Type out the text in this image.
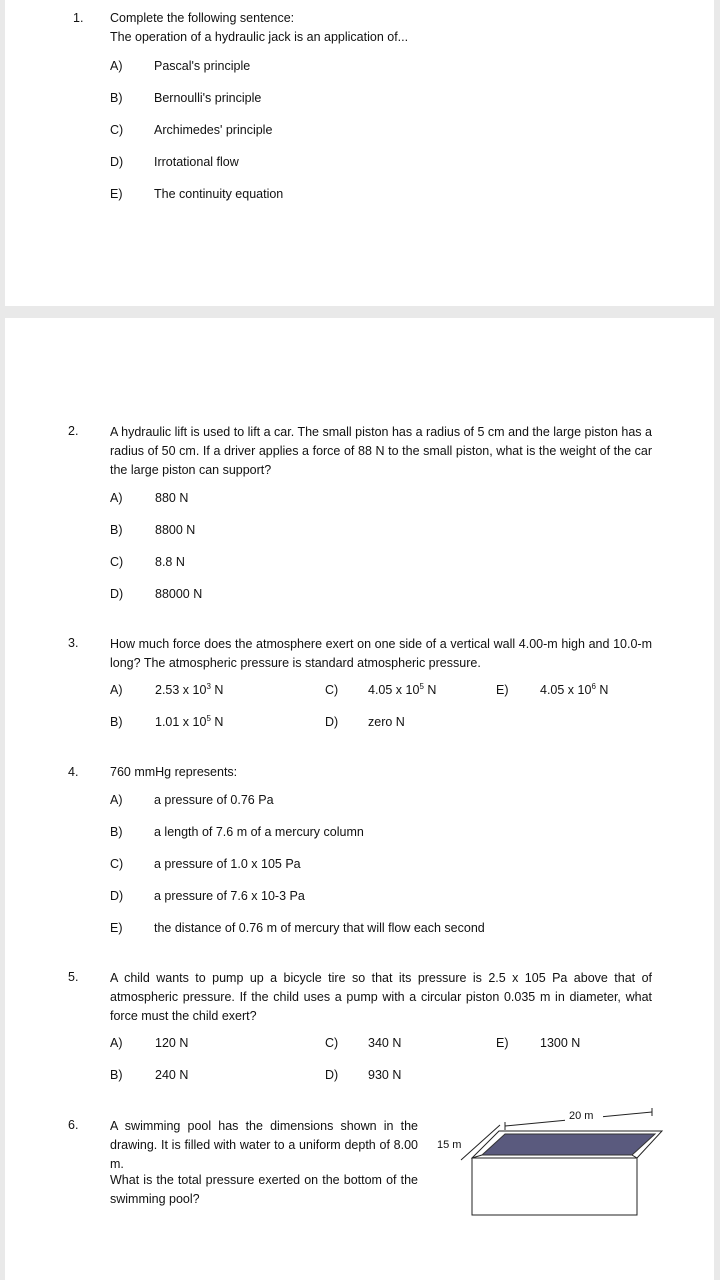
1. Complete the following sentence:
The operation of a hydraulic jack is an application of...
A)	Pascal's principle
B)	Bernoulli's principle
C) Archimedes' principle
D) Irrotational flow
E)	The continuity equation
2.	A hydraulic lift is used to lift a car. The small piston has a radius of 5 cm and the large piston has a radius of 50 cm. If a driver applies a force of 88 N to the small piston, what is the weight of the car the large piston can support?
A)	880 N
B)	8800 N
C)	8.8 N
D)	88000 N
3.	How much force does the atmosphere exert on one side of a vertical wall 4.00-m high and 10.0-m long? The atmospheric pressure is standard atmospheric pressure.
A)	2.53 x $10^3$ N	C) 4.05 x $10^5$ N	E)	4.05 x $10^6$ N
B)	1.01 x $10^5$ N	D) zero N
4.	760 mmHg represents:
A)	a pressure of 0.76 Pa
B)	a length of 7.6 m of a mercury column
C) a pressure of 1.0 x 105 Pa
D) a pressure of 7.6 x 10-3 Pa
E)	the distance of 0.76 m of mercury that will flow each second
5.	A child wants to pump up a bicycle tire so that its pressure is 2.5 x 105 Pa above that of atmospheric pressure. If the child uses a pump with a circular piston 0.035 m in diameter, what force must the child exert?
A)	120 N	C) 340 N	E)	1300 N
B)	240 N	D) 930 N
6.	A swimming pool has the dimensions shown in the drawing. It is filled with water to a uniform depth of 8.00 m.
What is the total pressure exerted on the bottom of the swimming pool?
20 m
15 m
